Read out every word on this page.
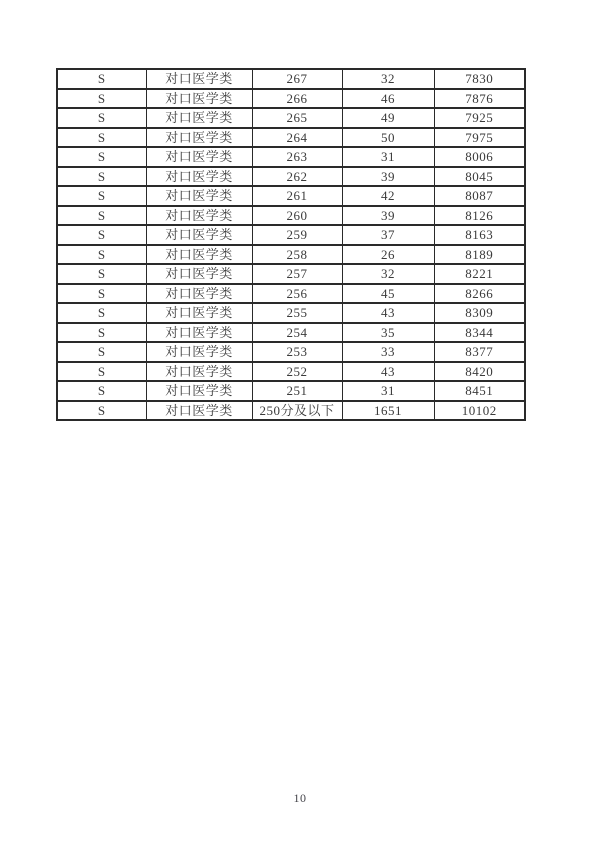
S	对口医学类	267	32	7830
S	对口医学类	266	46	7876
S	对口医学类	265	49	7925
S	对口医学类	264	50	7975
S	对口医学类	263	31	8006
S	对口医学类	262	39	8045
S	对口医学类	261	42	8087
S	对口医学类	260	39	8126
S	对口医学类	259	37	8163
S	对口医学类	258	26	8189
S	对口医学类	257	32	8221
S	对口医学类	256	45	8266
S	对口医学类	255	43	8309
S	对口医学类	254	35	8344
S	对口医学类	253	33	8377
S	对口医学类	252	43	8420
S	对口医学类	251	31	8451
S	对口医学类	250分及以下	1651	10102
10
